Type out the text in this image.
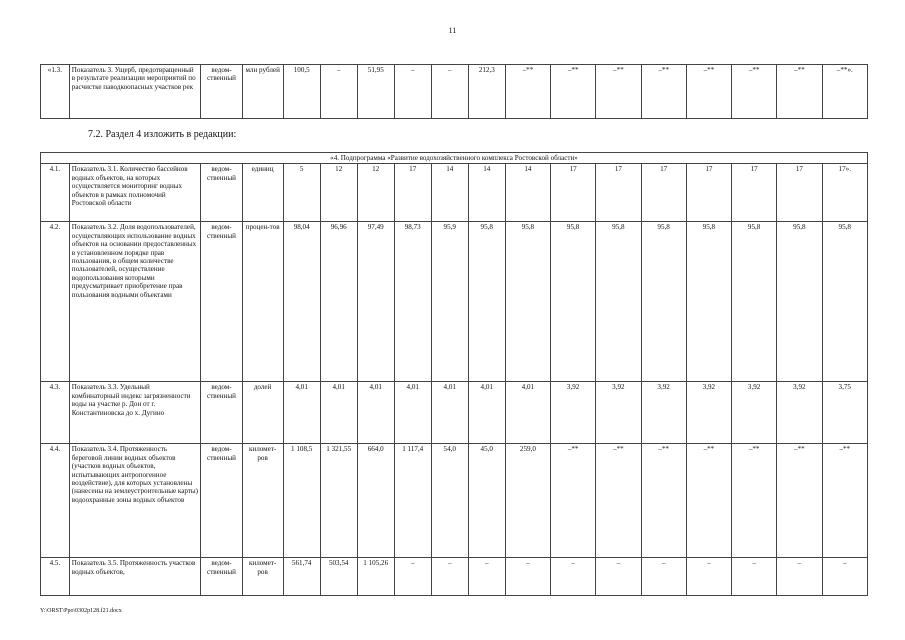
11
«1.3.	Показатель 3. Ущерб, предотвращенный в результате реализации мероприятий по расчистке паводкоопасных участков рек	ведом-ственный	млн рублей	100,5	–	51,95	–	–	212,3	–**	–**	–**	–**	–**	–**	–**	–**».
7.2. Раздел 4 изложить в редакции:
«4. Подпрограмма «Развитие водохозяйственного комплекса Ростовской области»																	
4.1.	Показатель 3.1. Количество бассейнов водных объектов, на которых осуществляется мониторинг водных объектов в рамках полномочий Ростовской области	ведом-ственный	единиц	5	12	12	17	14	14	14	17	17	17	17	17	17	17».
4.2.	Показатель 3.2. Доля водопользователей, осуществляющих использование водных объектов на основании предоставленных в установленном порядке прав пользования, в общем количестве пользователей, осуществление водопользования которыми предусматривает приобретение прав пользования водными объектами	ведом-ственный	процен-тов	98,04	96,96	97,49	98,73	95,9	95,8	95,8	95,8	95,8	95,8	95,8	95,8	95,8	95,8
4.3.	Показатель 3.3. Удельный комбинаторный индекс загрязненности воды на участке р. Дон от г. Константиновска до х. Дугино	ведом-ственный	долей	4,01	4,01	4,01	4,01	4,01	4,01	4,01	3,92	3,92	3,92	3,92	3,92	3,92	3,75
4.4.	Показатель 3.4. Протяженность береговой линии водных объектов (участков водных объектов, испытывающих антропогенное воздействие), для которых установлены (нанесены на землеустроительные карты) водоохранные зоны водных объектов	ведом-ственный	километ-ров	1 108,5	1 321,55	664,0	1 117,4	54,0	45,0	259,0	–**	–**	–**	–**	–**	–**	–**
4.5.	Показатель 3.5. Протяженность участков водных объектов,	ведом-ственный	километ-ров	561,74	503,54	1 105,26	–	–	–	–	–	–	–	–	–	–	–
Y:\ORST\Ppo\0302p128.f21.docx
